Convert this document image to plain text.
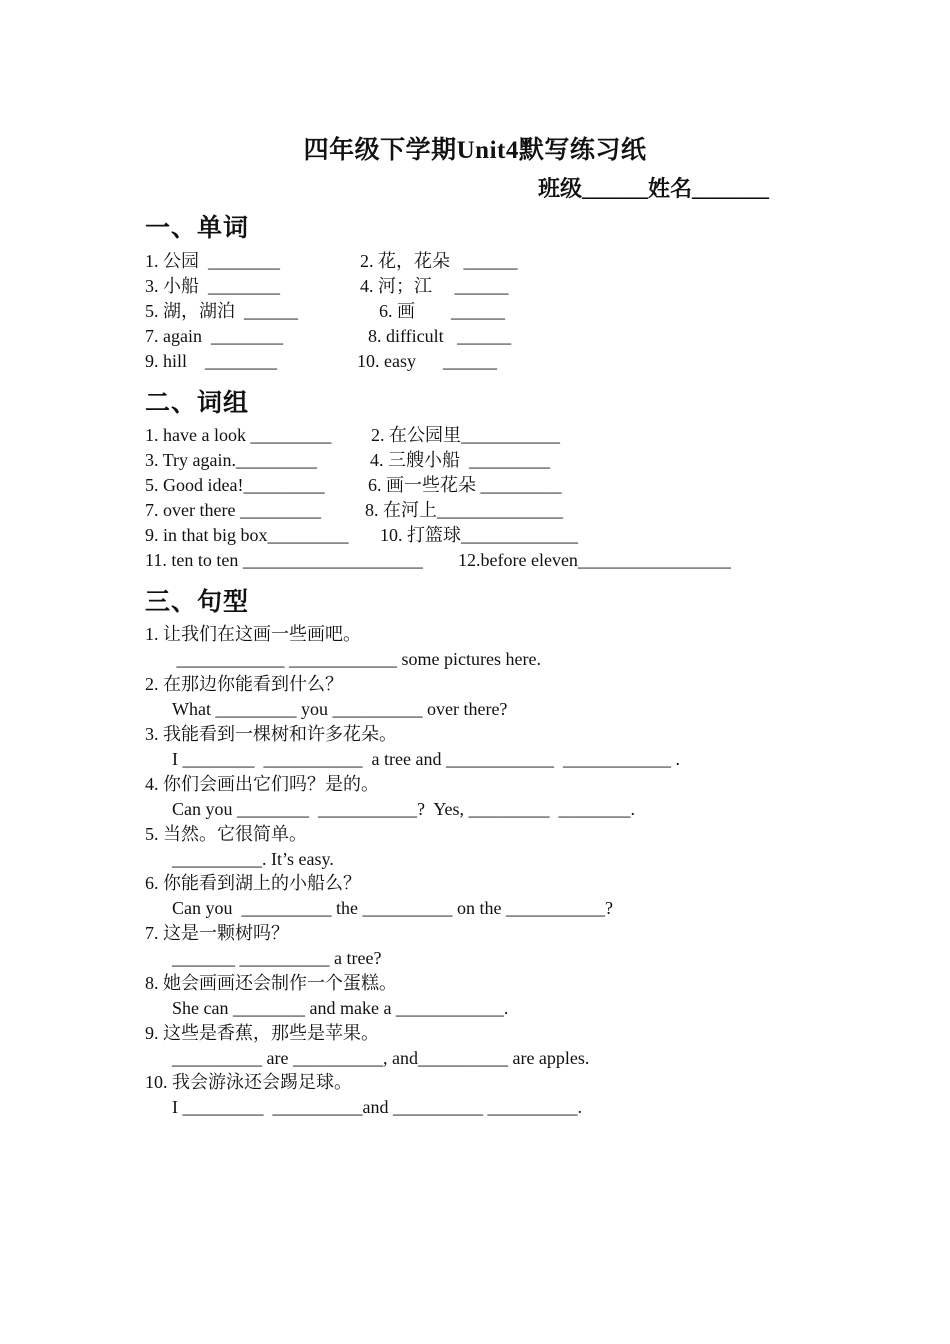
四年级下学期Unit4默写练习纸
班级______姓名_______
一、单词
1. 公园  ________	2. 花，花朵   ______
3. 小船  ________	4. 河；江     ______
5. 湖，湖泊  ______	6. 画        ______
7. again  ________	8. difficult   ______
9. hill    ________	10. easy      ______
二、词组
1. have a look _________ 2. 在公园里___________
3. Try again._________	4. 三艘小船  _________
5. Good idea!_________ 6. 画一些花朵 _________
7. over there _________ 8. 在河上______________
9. in that big box_________ 10. 打篮球_____________
11. ten to ten ____________________ 12.before eleven_________________
三、句型
1. 让我们在这画一些画吧。
____________ ____________ some pictures here.
2. 在那边你能看到什么？
What _________ you __________ over there?
3. 我能看到一棵树和许多花朵。
I ________  ___________  a tree and ____________  ____________ .
4. 你们会画出它们吗？是的。
Can you ________  ___________?  Yes, _________  ________.
5. 当然。它很简单。
__________. It’s easy.
6. 你能看到湖上的小船么？
Can you  __________ the __________ on the ___________?
7. 这是一颗树吗？
_______ __________ a tree?
8. 她会画画还会制作一个蛋糕。
She can ________ and make a ____________.
9. 这些是香蕉，那些是苹果。
__________ are __________, and__________ are apples.
10. 我会游泳还会踢足球。
I _________  __________and __________ __________.
